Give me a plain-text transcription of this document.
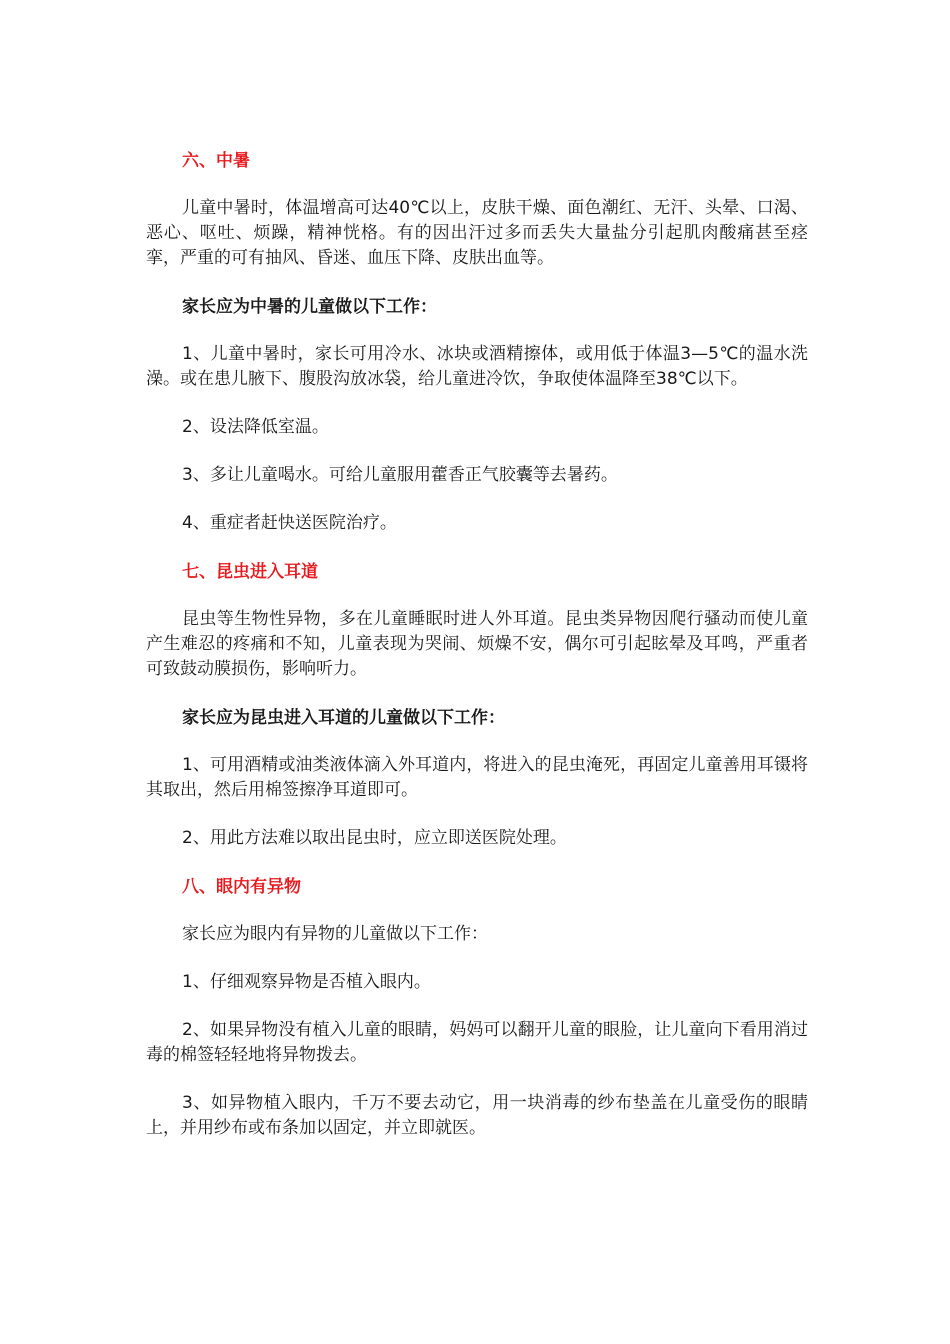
六、中暑
儿童中暑时，体温增高可达40℃以上，皮肤干燥、面色潮红、无汗、头晕、口渴、恶心、呕吐、烦躁，精神恍格。有的因出汗过多而丢失大量盐分引起肌肉酸痛甚至痉挛，严重的可有抽风、昏迷、血压下降、皮肤出血等。
家长应为中暑的儿童做以下工作：
1、儿童中暑时，家长可用冷水、冰块或酒精擦体，或用低于体温3—5℃的温水洗澡。或在患儿腋下、腹股沟放冰袋，给儿童进冷饮，争取使体温降至38℃以下。
2、设法降低室温。
3、多让儿童喝水。可给儿童服用藿香正气胶囊等去暑药。
4、重症者赶快送医院治疗。
七、昆虫进入耳道
昆虫等生物性异物，多在儿童睡眠时进人外耳道。昆虫类异物因爬行骚动而使儿童产生难忍的疼痛和不知，儿童表现为哭闹、烦燥不安，偶尔可引起眩晕及耳鸣，严重者可致鼓动膜损伤，影响听力。
家长应为昆虫进入耳道的儿童做以下工作：
1、可用酒精或油类液体滴入外耳道内，将进入的昆虫淹死，再固定儿童善用耳镊将其取出，然后用棉签擦净耳道即可。
2、用此方法难以取出昆虫时，应立即送医院处理。
八、眼内有异物
家长应为眼内有异物的儿童做以下工作：
1、仔细观察异物是否植入眼内。
2、如果异物没有植入儿童的眼睛，妈妈可以翻开儿童的眼脸，让儿童向下看用消过毒的棉签轻轻地将异物拨去。
3、如异物植入眼内，千万不要去动它，用一块消毒的纱布垫盖在儿童受伤的眼睛上，并用纱布或布条加以固定，并立即就医。
